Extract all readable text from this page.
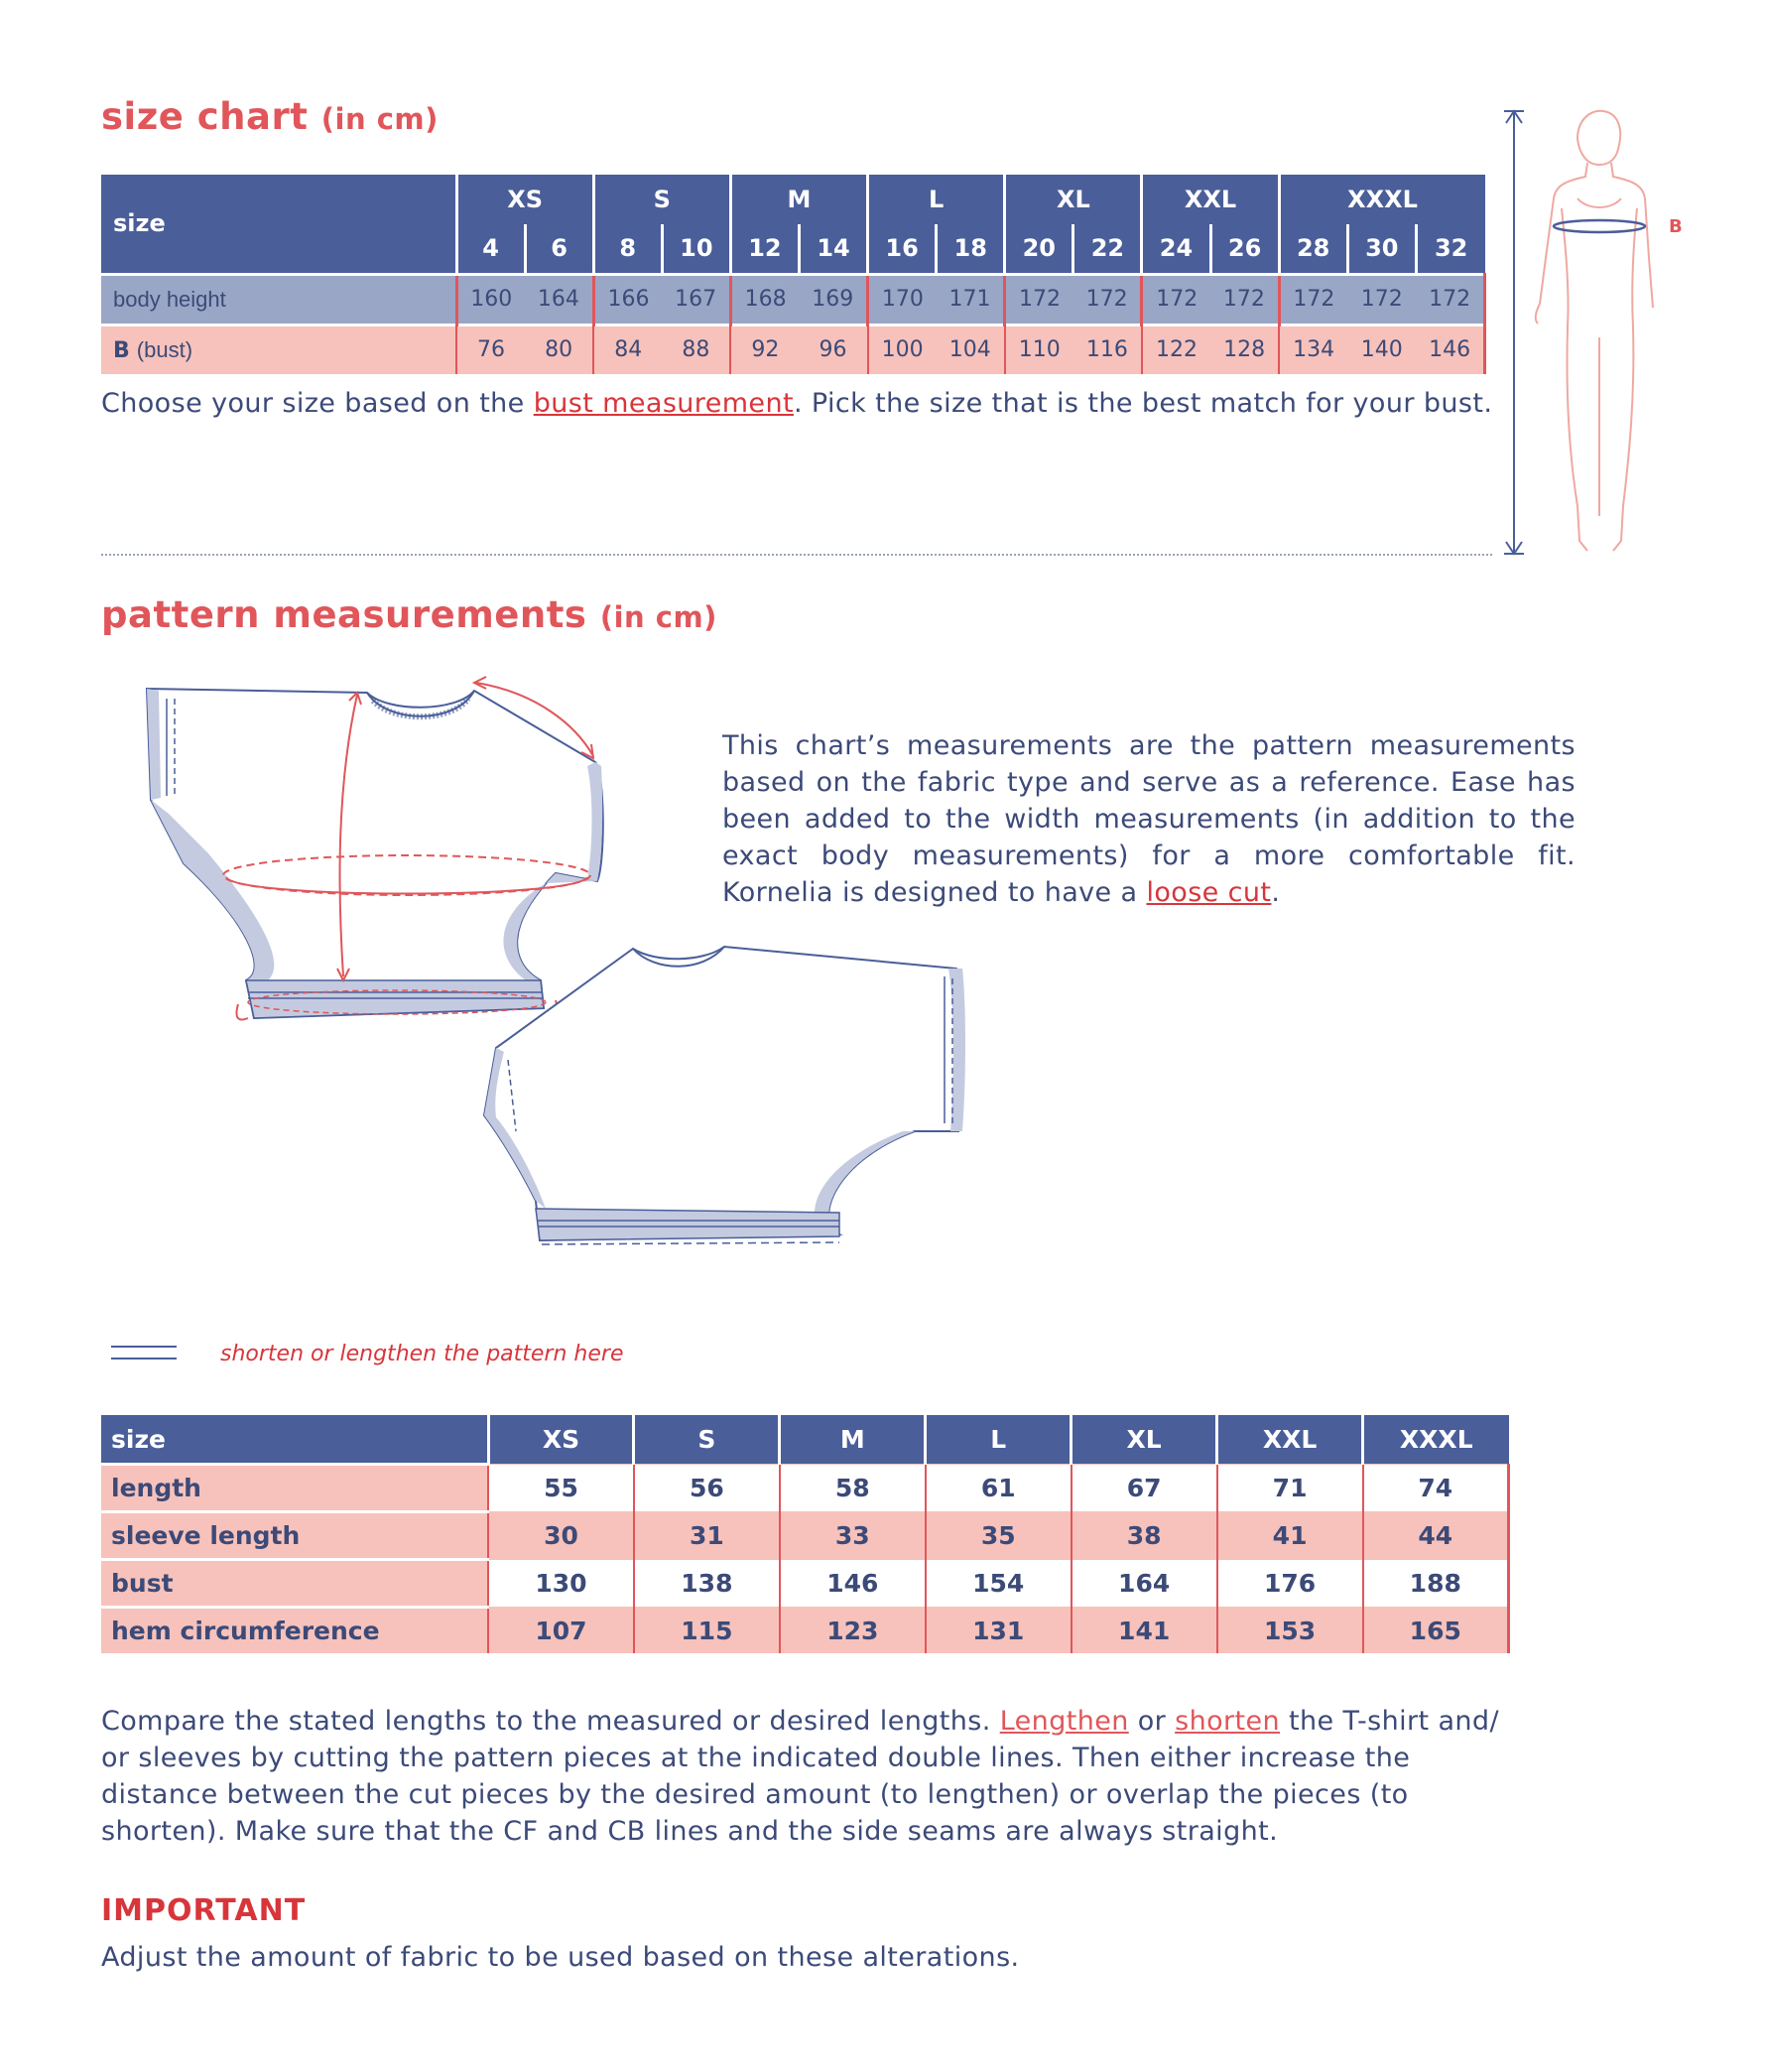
size chart (in cm)
size	XS		S		M		L		XL		XXL		XXXL		
	4	6	8	10	12	14	16	18	20	22	24	26	28	30	32
body height	160	164	166	167	168	169	170	171	172	172	172	172	172	172	172
B (bust)	76	80	84	88	92	96	100	104	110	116	122	128	134	140	146
Choose your size based on the bust measurement. Pick the size that is the best match for your bust.
B
pattern measurements (in cm)
This chart’s measurements are the pattern measurements based on the fabric type and serve as a reference. Ease has been added to the width measurements (in addition to the exact body measurements) for a more comfortable fit. Kornelia is designed to have a loose cut.
shorten or lengthen the pattern here
size	XS	S	M	L	XL	XXL	XXXL
length	55	56	58	61	67	71	74
sleeve length	30	31	33	35	38	41	44
bust	130	138	146	154	164	176	188
hem circumference	107	115	123	131	141	153	165
Compare the stated lengths to the measured or desired lengths. Lengthen or shorten the T-shirt and/ or sleeves by cutting the pattern pieces at the indicated double lines. Then either increase the distance between the cut pieces by the desired amount (to lengthen) or overlap the pieces (to shorten). Make sure that the CF and CB lines and the side seams are always straight.
IMPORTANT
Adjust the amount of fabric to be used based on these alterations.
